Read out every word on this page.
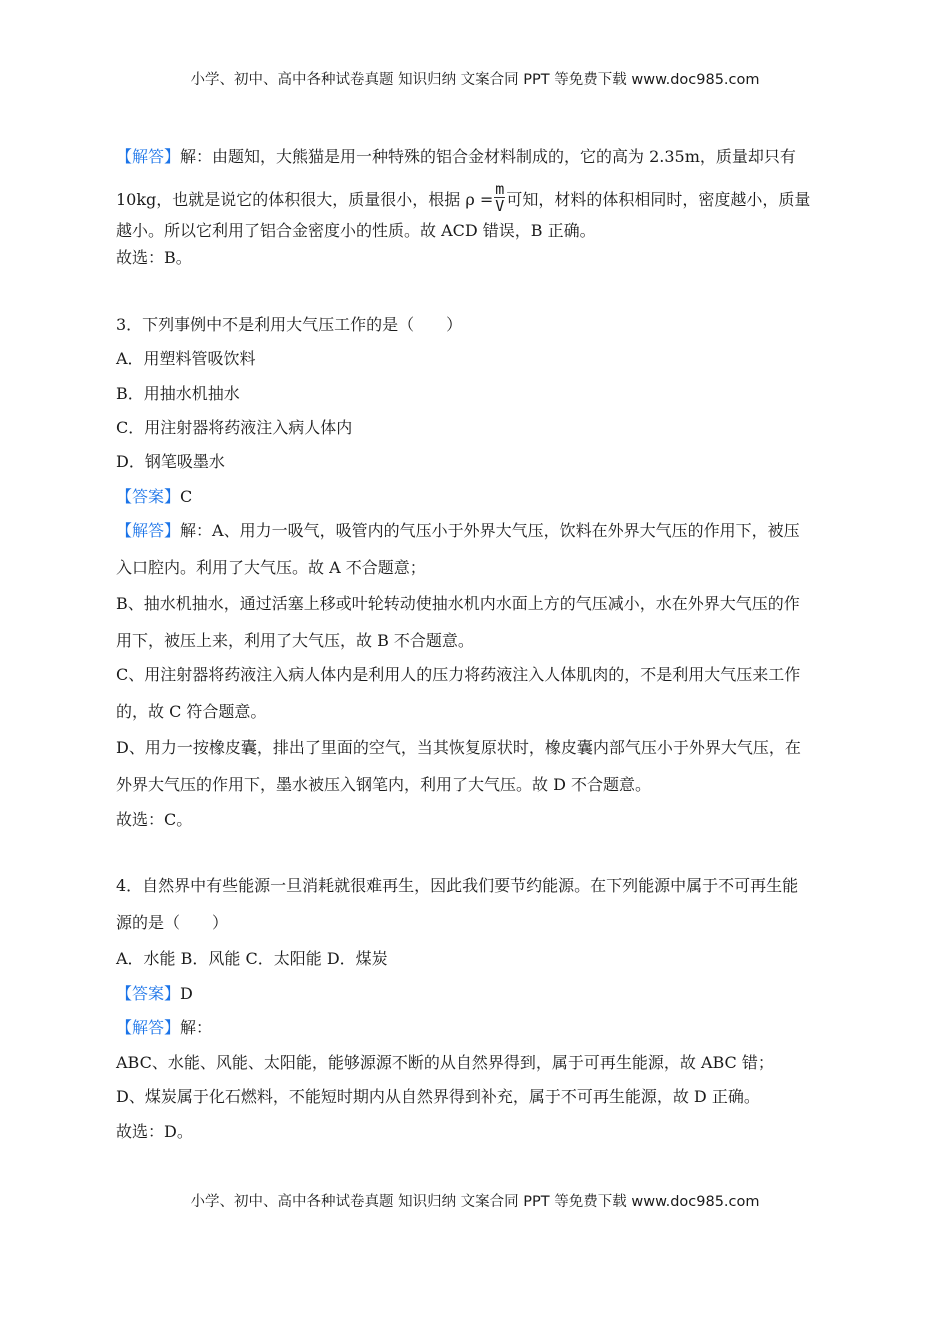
小学、初中、高中各种试卷真题 知识归纳 文案合同 PPT 等免费下载 www.doc985.com
【解答】解：由题知，大熊猫是用一种特殊的铝合金材料制成的，它的高为 2.35m，质量却只有
10kg，也就是说它的体积很大，质量很小，根据 $\rho = \frac{m}{V}$ 可知，材料的体积相同时，密度越小，质量
越小。所以它利用了铝合金密度小的性质。故 ACD 错误，B 正确。
故选：B。
3．下列事例中不是利用大气压工作的是（　　）
A．用塑料管吸饮料
B．用抽水机抽水
C．用注射器将药液注入病人体内
D．钢笔吸墨水
【答案】C
【解答】解：A、用力一吸气，吸管内的气压小于外界大气压，饮料在外界大气压的作用下，被压
入口腔内。利用了大气压。故 A 不合题意；
B、抽水机抽水，通过活塞上移或叶轮转动使抽水机内水面上方的气压减小，水在外界大气压的作
用下，被压上来，利用了大气压，故 B 不合题意。
C、用注射器将药液注入病人体内是利用人的压力将药液注入人体肌肉的，不是利用大气压来工作
的，故 C 符合题意。
D、用力一按橡皮囊，排出了里面的空气，当其恢复原状时，橡皮囊内部气压小于外界大气压，在
外界大气压的作用下，墨水被压入钢笔内，利用了大气压。故 D 不合题意。
故选：C。
4．自然界中有些能源一旦消耗就很难再生，因此我们要节约能源。在下列能源中属于不可再生能
源的是（　　）
A．水能 B．风能 C．太阳能 D．煤炭
【答案】D
【解答】解：
ABC、水能、风能、太阳能，能够源源不断的从自然界得到，属于可再生能源，故 ABC 错；
D、煤炭属于化石燃料，不能短时期内从自然界得到补充，属于不可再生能源，故 D 正确。
故选：D。
小学、初中、高中各种试卷真题 知识归纳 文案合同 PPT 等免费下载 www.doc985.com
